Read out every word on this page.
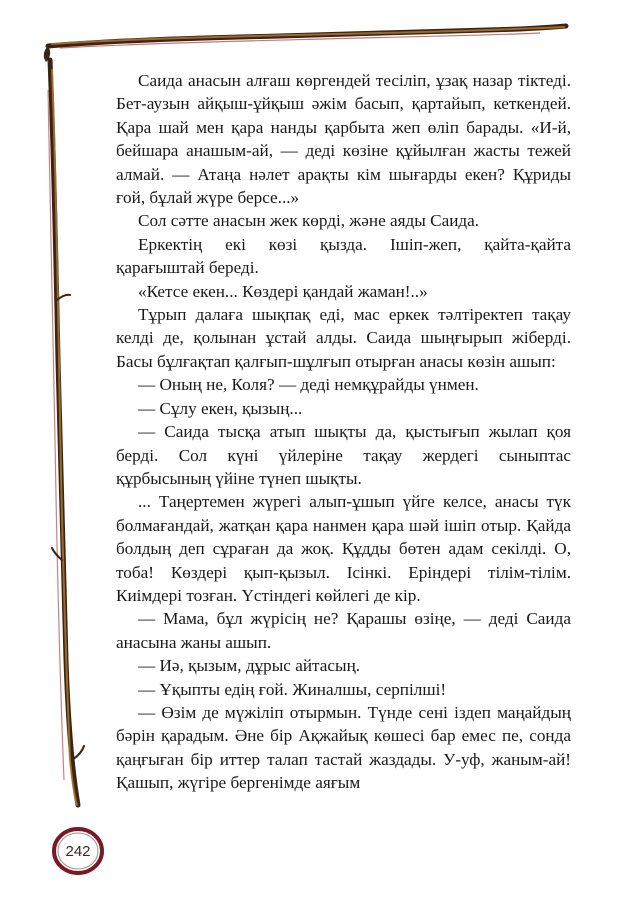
Саида анасын алғаш көргендей тесіліп, ұзақ назар тіктеді. Бет-аузын айқыш-ұйқыш әжім басып, қартайып, кеткендей. Қара шай мен қара нанды қарбыта жеп өліп барады. «И-й, бейшара анашым-ай, — деді көзіне құйылған жасты тежей алмай. — Атаңа нәлет арақты кім шығарды екен? Құриды ғой, бұлай жүре берсе...»

Сол сәтте анасын жек көрді, және аяды Саида.

Еркектің екі көзі қызда. Ішіп-жеп, қайта-қайта қарағыштай береді.

«Кетсе екен... Көздері қандай жаман!..»

Тұрып далаға шықпақ еді, мас еркек тәлтіректеп тақау келді де, қолынан ұстай алды. Саида шыңғырып жіберді. Басы бұлғақтап қалғып-шұлғып отырған анасы көзін ашып:

— Оның не, Коля? — деді немқұрайды үнмен.

— Сұлу екен, қызың...

— Саида тысқа атып шықты да, қыстығып жылап қоя берді. Сол күні үйлеріне тақау жердегі сыныптас құрбысының үйіне түнеп шықты.

... Таңертемен жүрегі алып-ұшып үйге келсе, анасы түк болмағандай, жатқан қара нанмен қара шәй ішіп отыр. Қайда болдың деп сұраған да жоқ. Құдды бөтен адам секілді. О, тоба! Көздері қып-қызыл. Ісінкі. Еріндері тілім-тілім. Киімдері тозған. Үстіндегі көйлегі де кір.

— Мама, бұл жүрісің не? Қарашы өзіңе, — деді Саида анасына жаны ашып.

— Иә, қызым, дұрыс айтасың.

— Ұқыпты едің ғой. Жиналшы, серпілші!

— Өзім де мүжіліп отырмын. Түнде сені іздеп маңайдың бәрін қарадым. Әне бір Ақжайық көшесі бар емес пе, сонда қаңғыған бір иттер талап тастай жаздады. У-уф, жаным-ай! Қашып, жүгіре бергенімде аяғым

242
